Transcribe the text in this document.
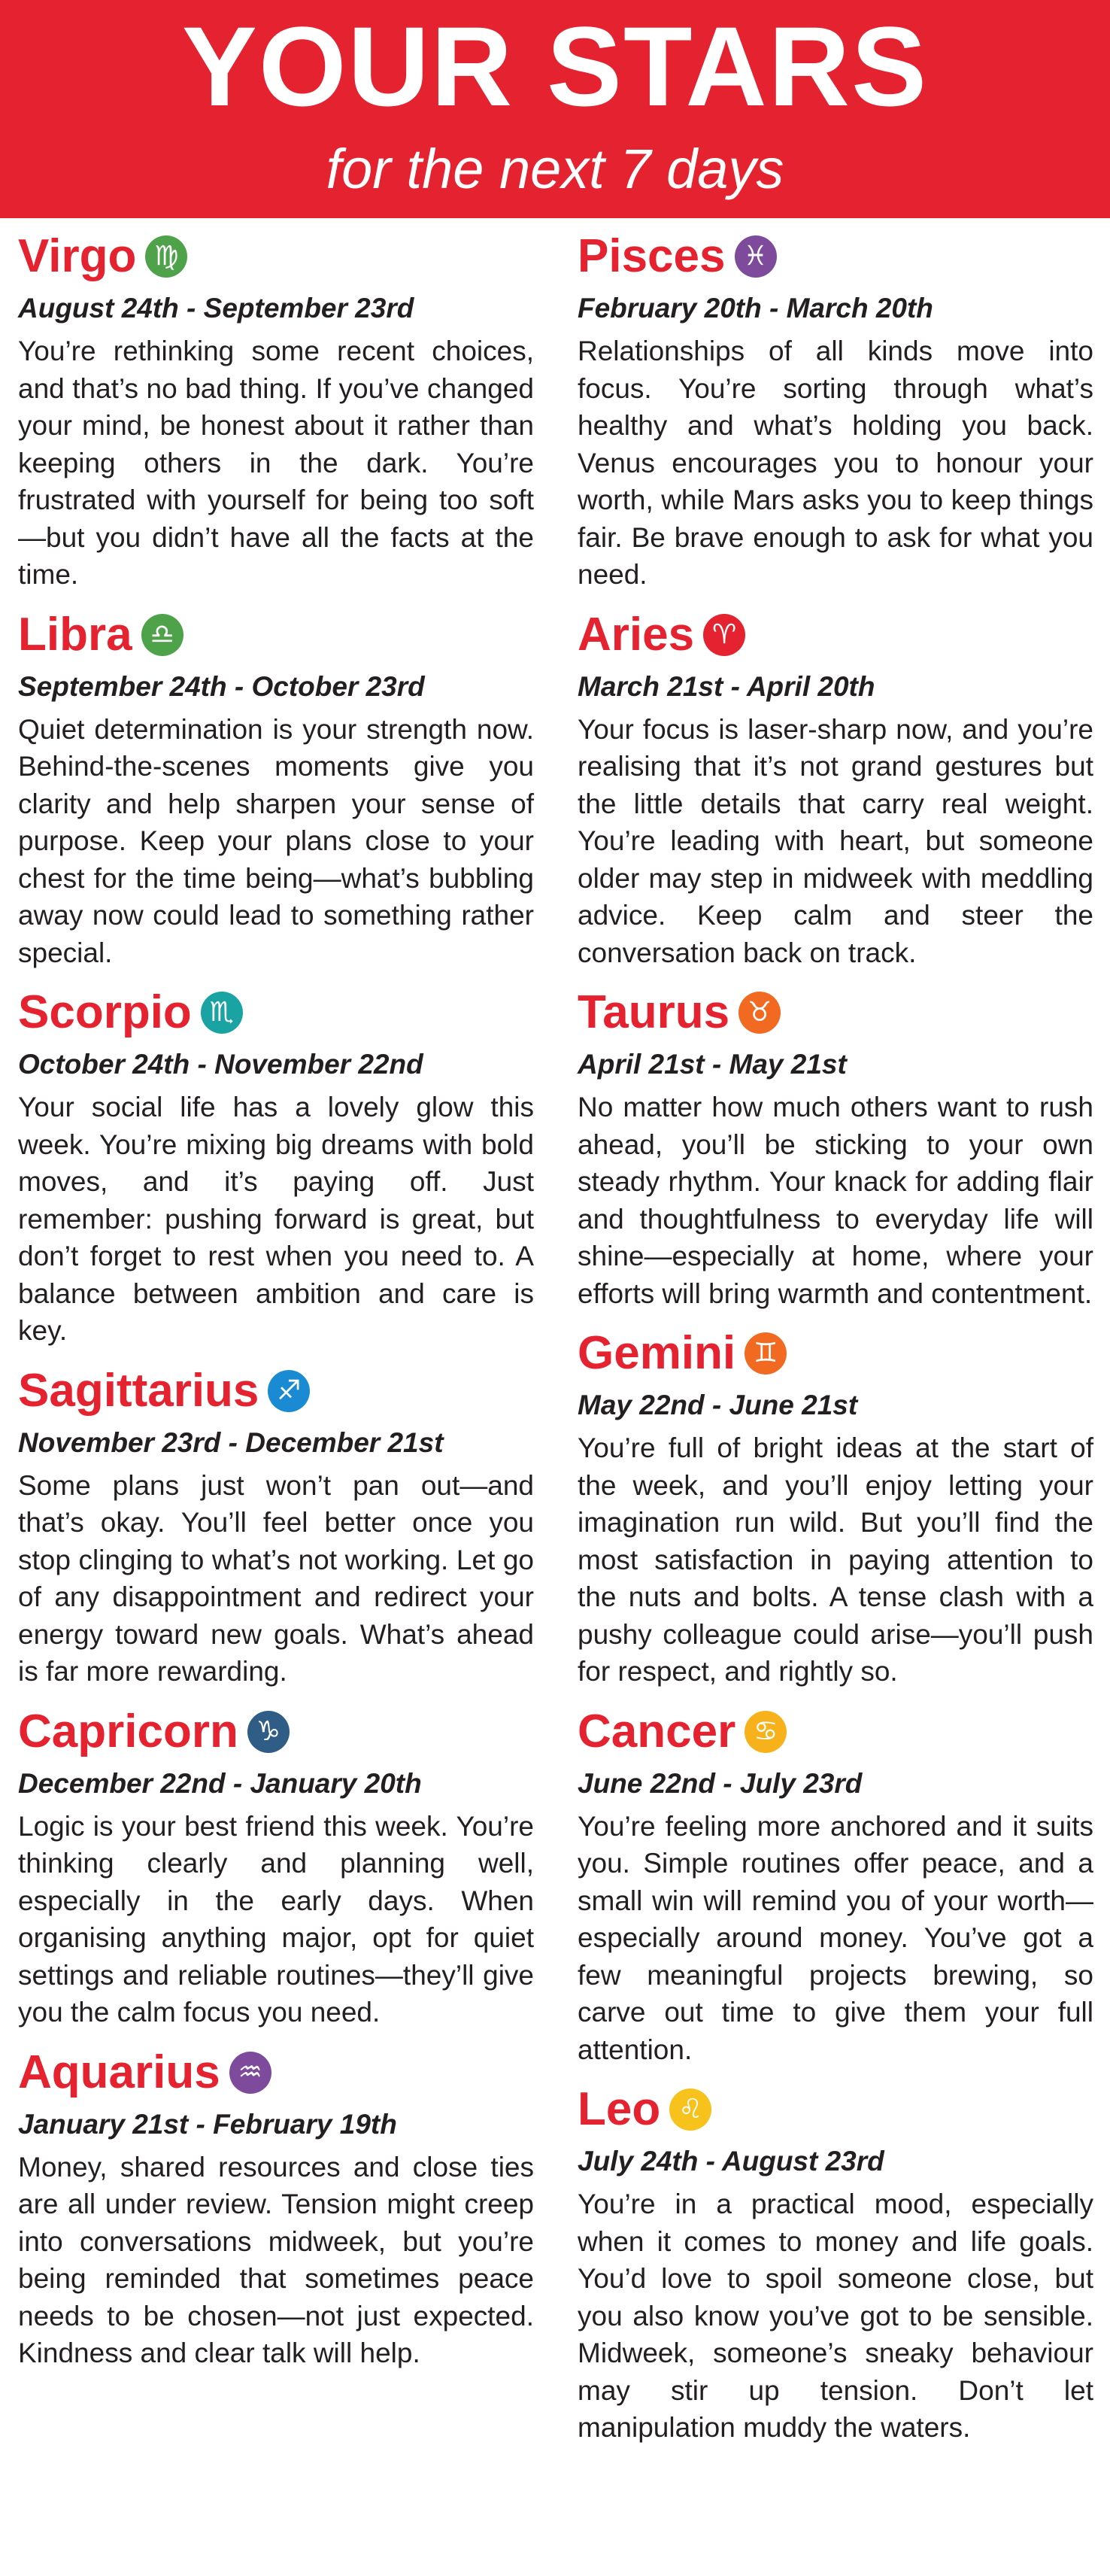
YOUR STARS
for the next 7 days
Virgo ♍
August 24th - September 23rd
You’re rethinking some recent choices, and that’s no bad thing. If you’ve changed your mind, be honest about it rather than keeping others in the dark. You’re frustrated with yourself for being too soft—but you didn’t have all the facts at the time.
Libra ♎
September 24th - October 23rd
Quiet determination is your strength now. Behind-the-scenes moments give you clarity and help sharpen your sense of purpose. Keep your plans close to your chest for the time being—what’s bubbling away now could lead to something rather special.
Scorpio ♏
October 24th - November 22nd
Your social life has a lovely glow this week. You’re mixing big dreams with bold moves, and it’s paying off. Just remember: pushing forward is great, but don’t forget to rest when you need to. A balance between ambition and care is key.
Sagittarius ♐
November 23rd - December 21st
Some plans just won’t pan out—and that’s okay. You’ll feel better once you stop clinging to what’s not working. Let go of any disappointment and redirect your energy toward new goals. What’s ahead is far more rewarding.
Capricorn ♑
December 22nd - January 20th
Logic is your best friend this week. You’re thinking clearly and planning well, especially in the early days. When organising anything major, opt for quiet settings and reliable routines—they’ll give you the calm focus you need.
Aquarius ♒
January 21st - February 19th
Money, shared resources and close ties are all under review. Tension might creep into conversations midweek, but you’re being reminded that sometimes peace needs to be chosen—not just expected. Kindness and clear talk will help.
Pisces ♓
February 20th - March 20th
Relationships of all kinds move into focus. You’re sorting through what’s healthy and what’s holding you back. Venus encourages you to honour your worth, while Mars asks you to keep things fair. Be brave enough to ask for what you need.
Aries ♈
March 21st - April 20th
Your focus is laser-sharp now, and you’re realising that it’s not grand gestures but the little details that carry real weight. You’re leading with heart, but someone older may step in midweek with meddling advice. Keep calm and steer the conversation back on track.
Taurus ♉
April 21st - May 21st
No matter how much others want to rush ahead, you’ll be sticking to your own steady rhythm. Your knack for adding flair and thoughtfulness to everyday life will shine—especially at home, where your efforts will bring warmth and contentment.
Gemini ♊
May 22nd - June 21st
You’re full of bright ideas at the start of the week, and you’ll enjoy letting your imagination run wild. But you’ll find the most satisfaction in paying attention to the nuts and bolts. A tense clash with a pushy colleague could arise—you’ll push for respect, and rightly so.
Cancer ♋
June 22nd - July 23rd
You’re feeling more anchored and it suits you. Simple routines offer peace, and a small win will remind you of your worth—especially around money. You’ve got a few meaningful projects brewing, so carve out time to give them your full attention.
Leo ♌
July 24th - August 23rd
You’re in a practical mood, especially when it comes to money and life goals. You’d love to spoil someone close, but you also know you’ve got to be sensible. Midweek, someone’s sneaky behaviour may stir up tension. Don’t let manipulation muddy the waters.
